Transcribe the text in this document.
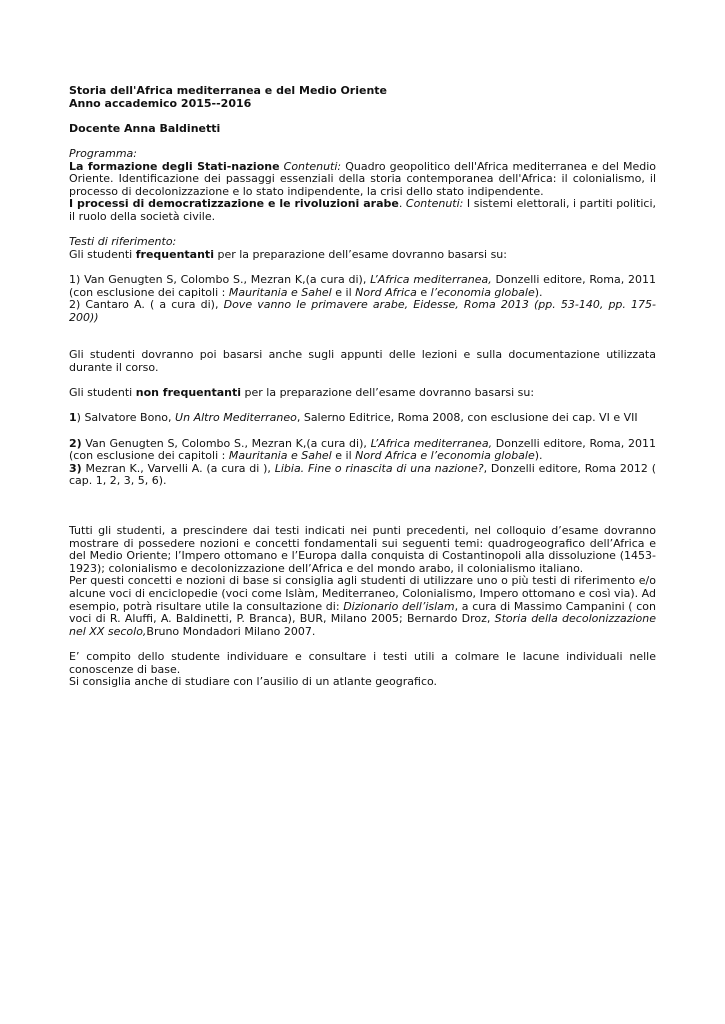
Storia dell'Africa mediterranea e del Medio Oriente

Anno accademico 2015--2016

Docente Anna Baldinetti

Programma:

La formazione degli Stati-nazione Contenuti: Quadro geopolitico dell'Africa mediterranea e del Medio Oriente. Identificazione dei passaggi essenziali della storia contemporanea dell'Africa: il colonialismo, il processo di decolonizzazione e lo stato indipendente, la crisi dello stato indipendente.

I processi di democratizzazione e le rivoluzioni arabe. Contenuti: I sistemi elettorali, i partiti politici, il ruolo della società civile.

Testi di riferimento:

Gli studenti frequentanti per la preparazione dell’esame dovranno basarsi su:

1) Van Genugten S, Colombo S., Mezran K,(a cura di), L’Africa mediterranea, Donzelli editore, Roma, 2011 (con esclusione dei capitoli : Mauritania e Sahel e il Nord Africa e l’economia globale).

2) Cantaro A. ( a cura di), Dove vanno le primavere arabe, Eidesse, Roma 2013 (pp. 53-140, pp. 175-200))

Gli studenti dovranno poi basarsi anche sugli appunti delle lezioni e sulla documentazione utilizzata durante il corso.

Gli studenti non frequentanti per la preparazione dell’esame dovranno basarsi su:

1) Salvatore Bono, Un Altro Mediterraneo, Salerno Editrice, Roma 2008, con esclusione dei cap. VI e VII

2) Van Genugten S, Colombo S., Mezran K,(a cura di), L’Africa mediterranea, Donzelli editore, Roma, 2011 (con esclusione dei capitoli : Mauritania e Sahel e il Nord Africa e l’economia globale).

3) Mezran K., Varvelli A. (a cura di ), Libia. Fine o rinascita di una nazione?, Donzelli editore, Roma 2012 ( cap. 1, 2, 3, 5, 6).

Tutti gli studenti, a prescindere dai testi indicati nei punti precedenti, nel colloquio d’esame dovranno mostrare di possedere nozioni e concetti fondamentali sui seguenti temi: quadrogeografico dell’Africa e del Medio Oriente; l’Impero ottomano e l’Europa dalla conquista di Costantinopoli alla dissoluzione (1453-1923); colonialismo e decolonizzazione dell’Africa e del mondo arabo, il colonialismo italiano.

Per questi concetti e nozioni di base si consiglia agli studenti di utilizzare uno o più testi di riferimento e/o alcune voci di enciclopedie (voci come Islàm, Mediterraneo, Colonialismo, Impero ottomano e così via). Ad esempio, potrà risultare utile la consultazione di: Dizionario dell’islam, a cura di Massimo Campanini ( con voci di R. Aluffi, A. Baldinetti, P. Branca), BUR, Milano 2005; Bernardo Droz, Storia della decolonizzazione nel XX secolo,Bruno Mondadori Milano 2007.

E’ compito dello studente individuare e consultare i testi utili a colmare le lacune individuali nelle conoscenze di base.

Si consiglia anche di studiare con l’ausilio di un atlante geografico.
